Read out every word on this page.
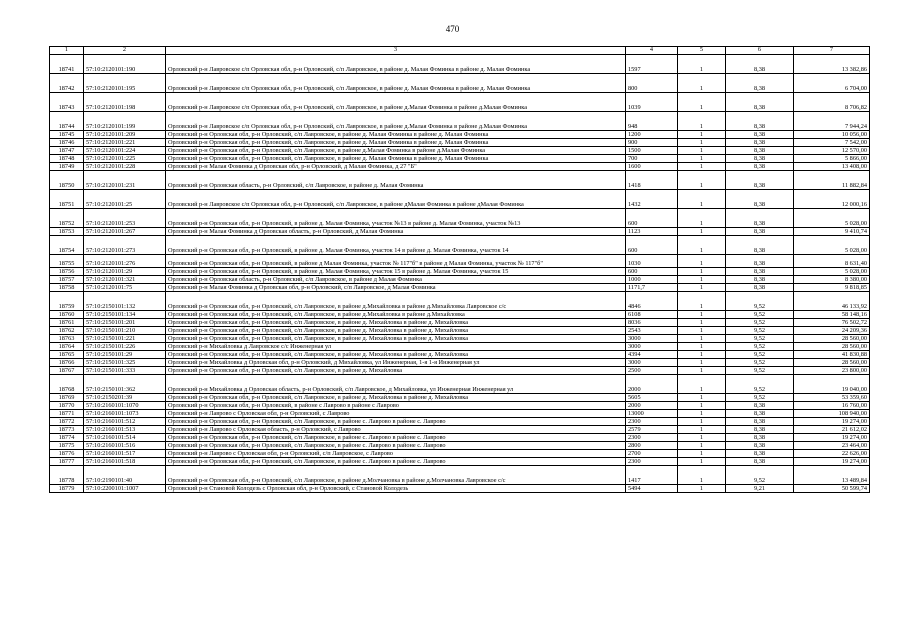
470
1	2	3	4	5	6	7
18741	57:10:2120101:190	Орловский р-н Лавровское с/п Орловская обл, р-н Орловский, с/п Лавровское, в районе д. Малая Фоминка в районе д. Малая Фоминка	1597	1	8,38	13 382,86
18742	57:10:2120101:195	Орловский р-н Лавровское с/п Орловская обл, р-н Орловский, с/п Лавровское, в районе д. Малая Фоминка в районе д. Малая Фоминка	800	1	8,38	6 704,00
18743	57:10:2120101:198	Орловский р-н Лавровское с/п Орловская обл, р-н Орловский, с/п Лавровское, в районе д.Малая Фоминка в районе д.Малая Фоминка	1039	1	8,38	8 706,82
18744	57:10:2120101:199	Орловский р-н Лавровское с/п Орловская обл, р-н Орловский, с/п Лавровское, в районе д.Малая Фоминка в районе д.Малая Фоминка	948	1	8,38	7 944,24
18745	57:10:2120101:209	Орловский р-н Орловская обл, р-н Орловский, с/п Лавровское, в районе д. Малая Фоминка в районе д. Малая Фоминка	1200	1	8,38	10 056,00
18746	57:10:2120101:221	Орловский р-н Орловская обл, р-н Орловский, с/п Лавровское, в районе д. Малая Фоминка в районе д. Малая Фоминка	900	1	8,38	7 542,00
18747	57:10:2120101:224	Орловский р-н Орловская обл, р-н Орловский, с/п Лавровское, в районе д.Малая Фоминка в районе д.Малая Фоминка	1500	1	8,38	12 570,00
18748	57:10:2120101:225	Орловский р-н Орловская обл, р-н Орловский, с/п Лавровское, в районе д. Малая Фоминка в районе д. Малая Фоминка	700	1	8,38	5 866,00
18749	57:10:2120101:228	Орловский р-н Малая Фоминка д Орловская обл, р-н Орловский, д Малая Фоминка, д 27 "Б"	1600	1	8,38	13 408,00
18750	57:10:2120101:231	Орловский р-н Орловская область, р-н Орловский, с/п Лавровское, в районе д. Малая Фоминка	1418	1	8,38	11 882,84
18751	57:10:2120101:25	Орловский р-н Лавровское с/п Орловская обл, р-н Орловский, с/п Лавровское, в районе дМалая Фоминка в районе дМалая Фоминка	1432	1	8,38	12 000,16
18752	57:10:2120101:253	Орловский р-н Орловская обл, р-н Орловский, в районе д. Малая Фоминка, участок №13 в районе д. Малая Фоминка, участок №13	600	1	8,38	5 028,00
18753	57:10:2120101:267	Орловский р-н Малая Фоминка д Орловская область, р-н Орловский, д Малая Фоминка	1123	1	8,38	9 410,74
18754	57:10:2120101:273	Орловский р-н Орловская обл, р-н Орловский, в районе д. Малая Фоминка, участок 14 в районе д. Малая Фоминка, участок 14	600	1	8,38	5 028,00
18755	57:10:2120101:276	Орловский р-н Орловская обл, р-н Орловский, в районе д Малая Фоминка, участок № 117"б" в районе д Малая Фоминка, участок № 117"б"	1030	1	8,38	8 631,40
18756	57:10:2120101:29	Орловский р-н Орловская обл, р-н Орловский, в районе д. Малая Фоминка, участок 15 в районе д. Малая Фоминка, участок 15	600	1	8,38	5 028,00
18757	57:10:2120101:321	Орловский р-н Орловская область, р-н Орловский, с/п Лавровское, в районе д Малая Фоминка	1000	1	8,38	8 380,00
18758	57:10:2120101:75	Орловский р-н Малая Фоминка д Орловская обл, р-н Орловский, с/п Лавровское, д Малая Фоминка	1171,7	1	8,38	9 818,85
18759	57:10:2150101:132	Орловский р-н Орловская обл, р-н Орловский, с/п Лавровское, в районе д.Михайловка в районе д.Михайловка Лавровское с/с	4846	1	9,52	46 133,92
18760	57:10:2150101:134	Орловский р-н Орловская обл, р-н Орловский, с/п Лавровское, в районе д.Михайловка в районе д.Михайловка	6108	1	9,52	58 148,16
18761	57:10:2150101:201	Орловский р-н Орловская обл, р-н Орловский, с/п Лавровское, в районе д. Михайловка в районе д. Михайловка	8036	1	9,52	76 502,72
18762	57:10:2150101:210	Орловский р-н Орловская обл, р-н Орловский, с/п Лавровское, в районе д. Михайловка в районе д. Михайловка	2543	1	9,52	24 209,36
18763	57:10:2150101:221	Орловский р-н Орловская обл, р-н Орловский, с/п Лавровское, в районе д. Михайловка в районе д. Михайловка	3000	1	9,52	28 560,00
18764	57:10:2150101:226	Орловский р-н Михайловка д Лавровское с/с Инженерная ул	3000	1	9,52	28 560,00
18765	57:10:2150101:29	Орловский р-н Орловская обл, р-н Орловский, с/п Лавровское, в районе д. Михайловка в районе д. Михайловка	4394	1	9,52	41 830,88
18766	57:10:2150101:325	Орловский р-н Михайловка д Орловская обл, р-н Орловский, д Михайловка, ул Инженерная, 1-я 1-я Инженерная ул	3000	1	9,52	28 560,00
18767	57:10:2150101:333	Орловский р-н Орловская обл, р-н Орловский, с/п Лавровское, в районе д. Михайловка	2500	1	9,52	23 800,00
18768	57:10:2150101:362	Орловский р-н Михайловка д Орловская область, р-н Орловский, с/п Лавровское, д Михайловка, ул Инженерная Инженерная ул	2000	1	9,52	19 040,00
18769	57:10:2150201:39	Орловский р-н Орловская обл, р-н Орловский, с/п Лавровское, в районе д. Михайловка в районе д. Михайловка	5605	1	9,52	53 359,60
18770	57:10:2160101:1070	Орловский р-н Орловская обл, р-н Орловский, в районе с Лаврово в районе с Лаврово	2000	1	8,38	16 760,00
18771	57:10:2160101:1073	Орловский р-н Лаврово с Орловская обл, р-н Орловский, с Лаврово	13000	1	8,38	108 940,00
18772	57:10:2160101:512	Орловский р-н Орловская обл, р-н Орловский, с/п Лавровское, в районе с. Лаврово в районе с. Лаврово	2300	1	8,38	19 274,00
18773	57:10:2160101:513	Орловский р-н Лаврово с Орловская область, р-н Орловский, с Лаврово	2579	1	8,38	21 612,02
18774	57:10:2160101:514	Орловский р-н Орловская обл, р-н Орловский, с/п Лавровское, в районе с. Лаврово в районе с. Лаврово	2300	1	8,38	19 274,00
18775	57:10:2160101:516	Орловский р-н Орловская обл, р-н Орловский, с/п Лавровское, в районе с. Лаврово в районе с. Лаврово	2800	1	8,38	23 464,00
18776	57:10:2160101:517	Орловский р-н Лаврово с Орловская обл, р-н Орловский, с/п Лавровское, с Лаврово	2700	1	8,38	22 626,00
18777	57:10:2160101:518	Орловский р-н Орловская обл, р-н Орловский, с/п Лавровское, в районе с. Лаврово в районе с. Лаврово	2300	1	8,38	19 274,00
18778	57:10:2190101:40	Орловский р-н Орловская обл, р-н Орловский, с/п Лавровское, в районе д.Молчановка в районе д.Молчановка Лавровское с/с	1417	1	9,52	13 489,84
18779	57:10:2200101:1007	Орловский р-н Становой Колодезь с Орловская обл, р-н Орловский, с Становой Колодезь	5494	1	9,21	50 599,74
